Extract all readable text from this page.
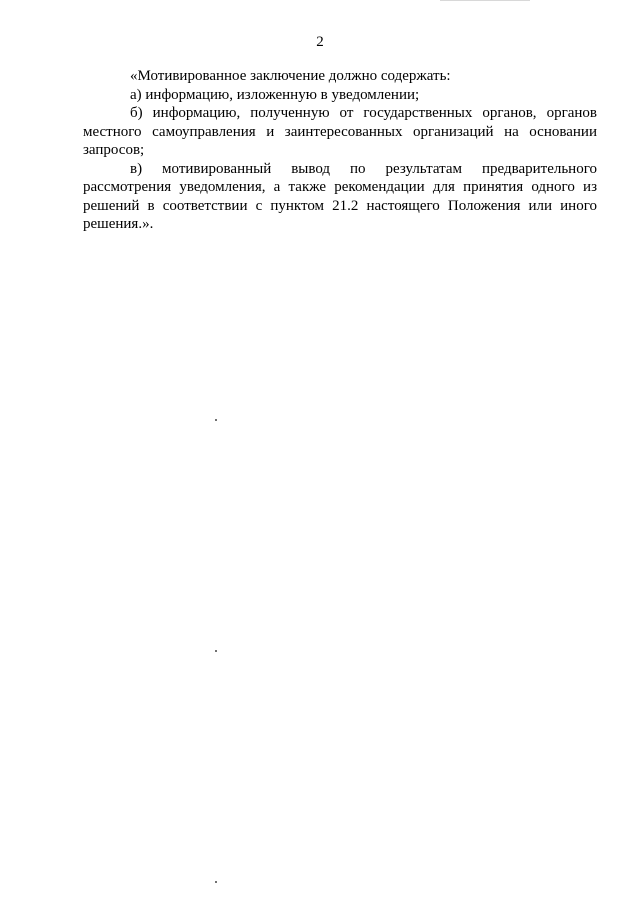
2

«Мотивированное заключение должно содержать:

а) информацию, изложенную в уведомлении;

б) информацию, полученную от государственных органов, органов местного самоуправления и заинтересованных организаций на основании запросов;

в) мотивированный вывод по результатам предварительного рассмотрения уведомления, а также рекомендации для принятия одного из решений в соответствии с пунктом 21.2 настоящего Положения или иного решения.».
